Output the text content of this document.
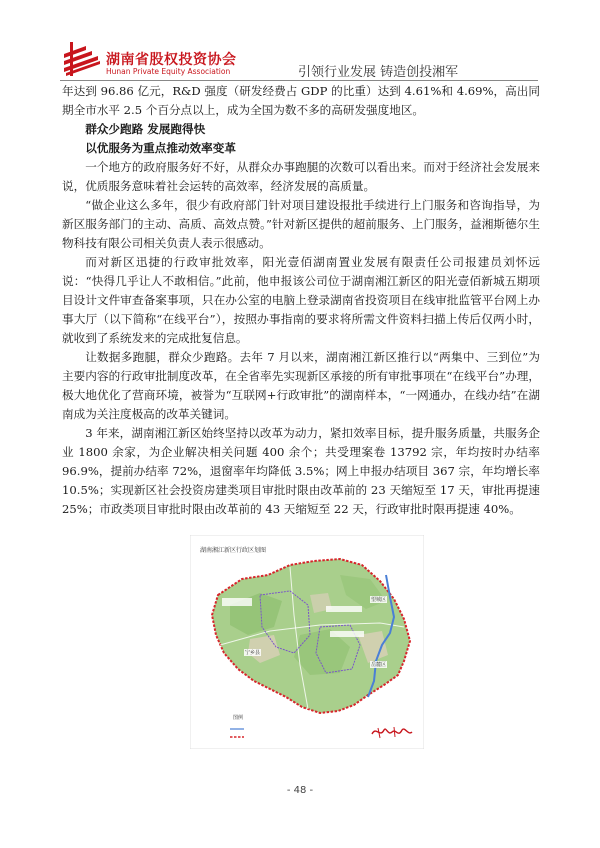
湖南省股权投资协会
Hunan Private Equity Association	引领行业发展 铸造创投湘军

年达到 96.86 亿元，R&D 强度（研发经费占 GDP 的比重）达到 4.61%和 4.69%，高出同期全市水平 2.5 个百分点以上，成为全国为数不多的高研发强度地区。

群众少跑路 发展跑得快

以优服务为重点推动效率变革

一个地方的政府服务好不好，从群众办事跑腿的次数可以看出来。而对于经济社会发展来说，优质服务意味着社会运转的高效率，经济发展的高质量。

“做企业这么多年，很少有政府部门针对项目建设报批手续进行上门服务和咨询指导，为新区服务部门的主动、高质、高效点赞。”针对新区提供的超前服务、上门服务，益湘斯德尔生物科技有限公司相关负责人表示很感动。

而对新区迅捷的行政审批效率，阳光壹佰湖南置业发展有限责任公司报建员刘怀远说：“快得几乎让人不敢相信。”此前，他申报该公司位于湖南湘江新区的阳光壹佰新城五期项目设计文件审查备案事项，只在办公室的电脑上登录湖南省投资项目在线审批监管平台网上办事大厅（以下简称“在线平台”），按照办事指南的要求将所需文件资料扫描上传后仅两小时，就收到了系统发来的完成批复信息。

让数据多跑腿，群众少跑路。去年 7 月以来，湖南湘江新区推行以“两集中、三到位”为主要内容的行政审批制度改革，在全省率先实现新区承接的所有审批事项在“在线平台”办理，极大地优化了营商环境，被誉为“互联网+行政审批”的湖南样本，“一网通办，在线办结”在湖南成为关注度极高的改革关键词。

3 年来，湖南湘江新区始终坚持以改革为动力，紧扣效率目标，提升服务质量，共服务企业 1800 余家，为企业解决相关问题 400 余个；共受理案卷 13792 宗，年均按时办结率 96.9%，提前办结率 72%，退窗率年均降低 3.5%；网上申报办结项目 367 宗，年均增长率 10.5%；实现新区社会投资房建类项目审批时限由改革前的 23 天缩短至 17 天，审批再提速 25%；市政类项目审批时限由改革前的 43 天缩短至 22 天，行政审批时限再提速 40%。

湖南湘江新区行政区划图
望城区
宁乡县
岳麓区
图例
- 48 -
